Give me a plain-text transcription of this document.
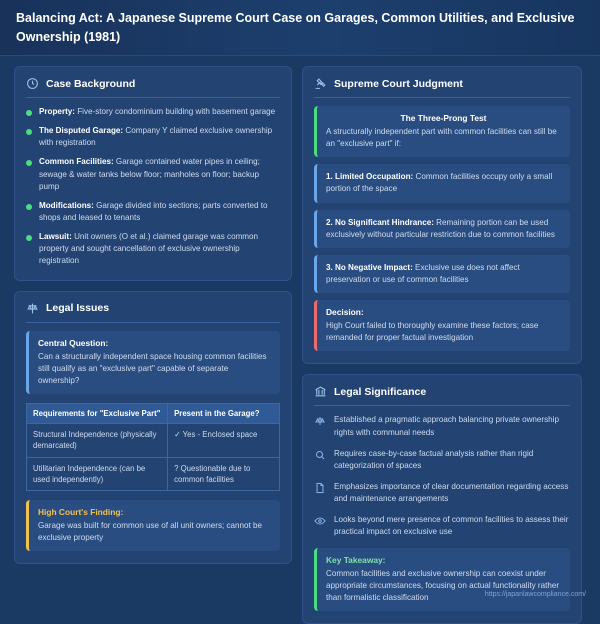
Balancing Act: A Japanese Supreme Court Case on Garages, Common Utilities, and Exclusive Ownership (1981)
Case Background
Property: Five-story condominium building with basement garage
The Disputed Garage: Company Y claimed exclusive ownership with registration
Common Facilities: Garage contained water pipes in ceiling; sewage & water tanks below floor; manholes on floor; backup pump
Modifications: Garage divided into sections; parts converted to shops and leased to tenants
Lawsuit: Unit owners (O et al.) claimed garage was common property and sought cancellation of exclusive ownership registration
Legal Issues
Central Question:
Can a structurally independent space housing common facilities still qualify as an "exclusive part" capable of separate ownership?
Requirements for "Exclusive Part"	Present in the Garage?
Structural Independence (physically demarcated)	✓ Yes - Enclosed space
Utilitarian Independence (can be used independently)	? Questionable due to common facilities
High Court's Finding:
Garage was built for common use of all unit owners; cannot be exclusive property
Supreme Court Judgment
The Three-Prong Test
A structurally independent part with common facilities can still be an "exclusive part" if:
1. Limited Occupation: Common facilities occupy only a small portion of the space
2. No Significant Hindrance: Remaining portion can be used exclusively without particular restriction due to common facilities
3. No Negative Impact: Exclusive use does not affect preservation or use of common facilities
Decision:
High Court failed to thoroughly examine these factors; case remanded for proper factual investigation
Legal Significance
Established a pragmatic approach balancing private ownership rights with communal needs
Requires case-by-case factual analysis rather than rigid categorization of spaces
Emphasizes importance of clear documentation regarding access and maintenance arrangements
Looks beyond mere presence of common facilities to assess their practical impact on exclusive use
Key Takeaway:
Common facilities and exclusive ownership can coexist under appropriate circumstances, focusing on actual functionality rather than formalistic classification	https://japanlawcompliance.com/
